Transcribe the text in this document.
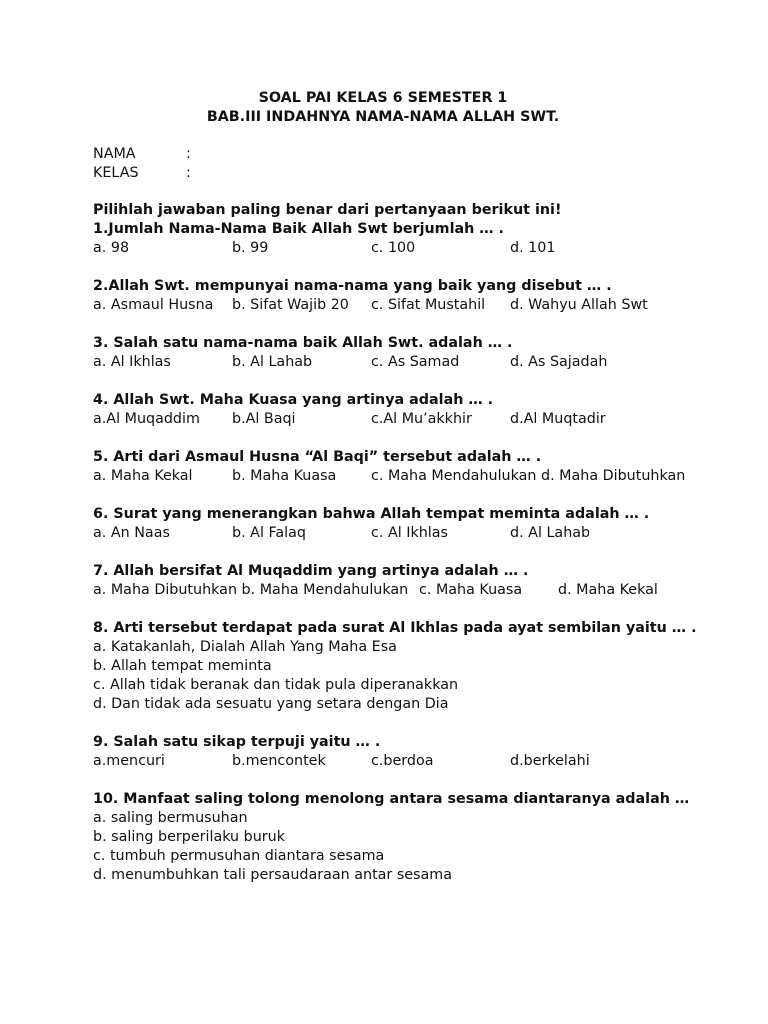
SOAL PAI KELAS 6 SEMESTER 1
BAB.III INDAHNYA NAMA-NAMA ALLAH SWT.
NAMA	:
KELAS	:
Pilihlah jawaban paling benar dari pertanyaan berikut ini!
1.Jumlah Nama-Nama Baik Allah Swt berjumlah … .
a. 98	b. 99	c. 100	d. 101
2.Allah Swt. mempunyai nama-nama yang baik yang disebut … .
a. Asmaul Husna	b. Sifat Wajib 20	c. Sifat Mustahil	d. Wahyu Allah Swt
3. Salah satu nama-nama baik Allah Swt. adalah … .
a. Al Ikhlas	b. Al Lahab	c. As Samad	d. As Sajadah
4. Allah Swt. Maha Kuasa yang artinya adalah … .
a.Al Muqaddim	b.Al Baqi	c.Al Mu’akkhir	d.Al Muqtadir
5. Arti dari Asmaul Husna “Al Baqi” tersebut adalah … .
a. Maha Kekal	b. Maha Kuasa	c. Maha Mendahulukan d. Maha Dibutuhkan
6. Surat yang menerangkan bahwa Allah tempat meminta adalah … .
a. An Naas	b. Al Falaq	c. Al Ikhlas	d. Al Lahab
7. Allah bersifat Al Muqaddim yang artinya adalah … .
a. Maha Dibutuhkan b. Maha Mendahulukan c. Maha Kuasa	d. Maha Kekal
8. Arti tersebut terdapat pada surat Al Ikhlas pada ayat sembilan yaitu … .
a. Katakanlah, Dialah Allah Yang Maha Esa
b. Allah tempat meminta
c. Allah tidak beranak dan tidak pula diperanakkan
d. Dan tidak ada sesuatu yang setara dengan Dia
9. Salah satu sikap terpuji yaitu … .
a.mencuri	b.mencontek	c.berdoa	d.berkelahi
10. Manfaat saling tolong menolong antara sesama diantaranya adalah …
a. saling bermusuhan
b. saling berperilaku buruk
c. tumbuh permusuhan diantara sesama
d. menumbuhkan tali persaudaraan antar sesama
